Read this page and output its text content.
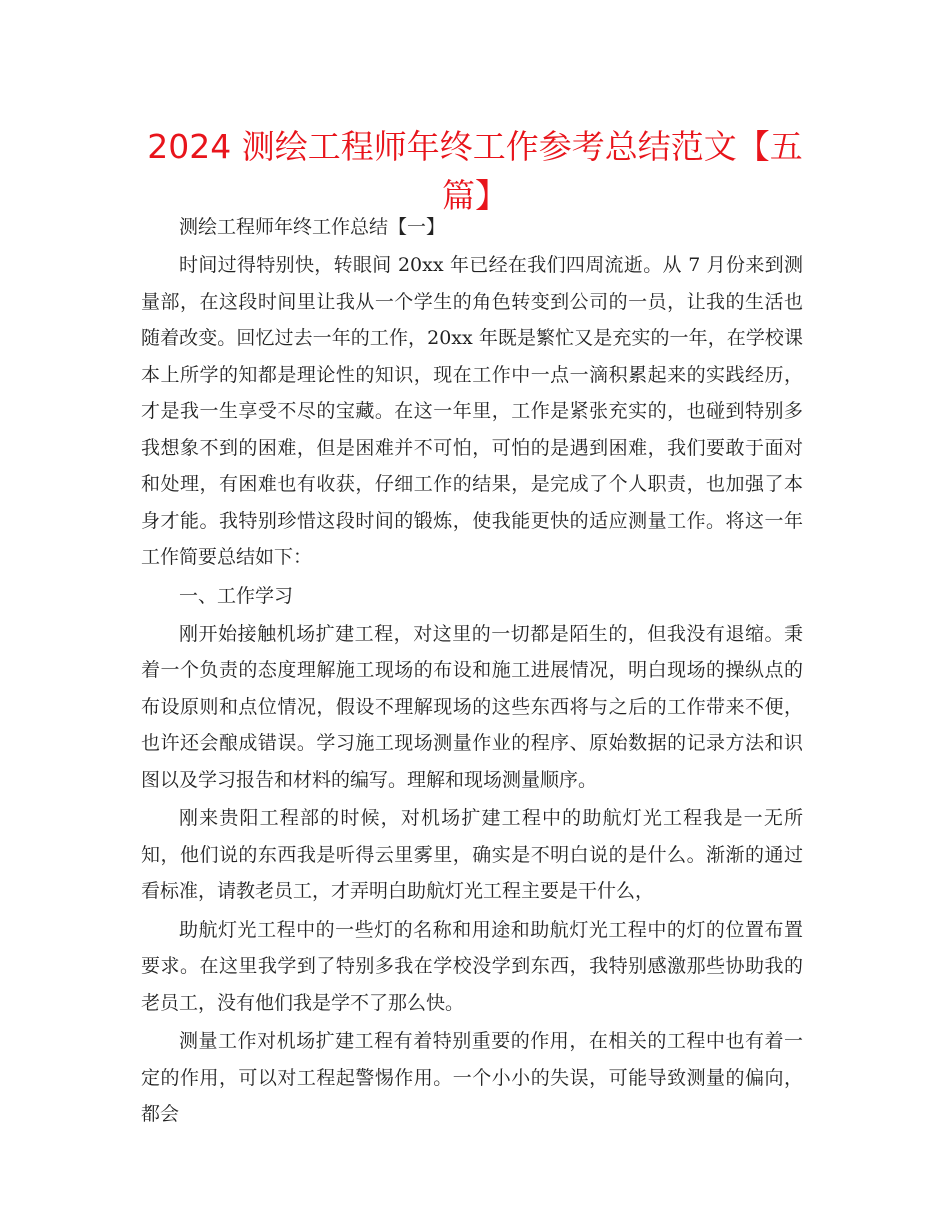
2024 测绘工程师年终工作参考总结范文【五篇】

测绘工程师年终工作总结【一】

时间过得特别快，转眼间 20xx 年已经在我们四周流逝。从 7 月份来到测量部，在这段时间里让我从一个学生的角色转变到公司的一员，让我的生活也随着改变。回忆过去一年的工作，20xx 年既是繁忙又是充实的一年，在学校课本上所学的知都是理论性的知识，现在工作中一点一滴积累起来的实践经历，才是我一生享受不尽的宝藏。在这一年里，工作是紧张充实的，也碰到特别多我想象不到的困难，但是困难并不可怕，可怕的是遇到困难，我们要敢于面对和处理，有困难也有收获，仔细工作的结果，是完成了个人职责，也加强了本身才能。我特别珍惜这段时间的锻炼，使我能更快的适应测量工作。将这一年工作简要总结如下：

一、工作学习

刚开始接触机场扩建工程，对这里的一切都是陌生的，但我没有退缩。秉着一个负责的态度理解施工现场的布设和施工进展情况，明白现场的操纵点的布设原则和点位情况，假设不理解现场的这些东西将与之后的工作带来不便，也许还会酿成错误。学习施工现场测量作业的程序、原始数据的记录方法和识图以及学习报告和材料的编写。理解和现场测量顺序。

刚来贵阳工程部的时候，对机场扩建工程中的助航灯光工程我是一无所知，他们说的东西我是听得云里雾里，确实是不明白说的是什么。渐渐的通过看标准，请教老员工，才弄明白助航灯光工程主要是干什么，

助航灯光工程中的一些灯的名称和用途和助航灯光工程中的灯的位置布置要求。在这里我学到了特别多我在学校没学到东西，我特别感激那些协助我的老员工，没有他们我是学不了那么快。

测量工作对机场扩建工程有着特别重要的作用，在相关的工程中也有着一定的作用，可以对工程起警惕作用。一个小小的失误，可能导致测量的偏向，都会
